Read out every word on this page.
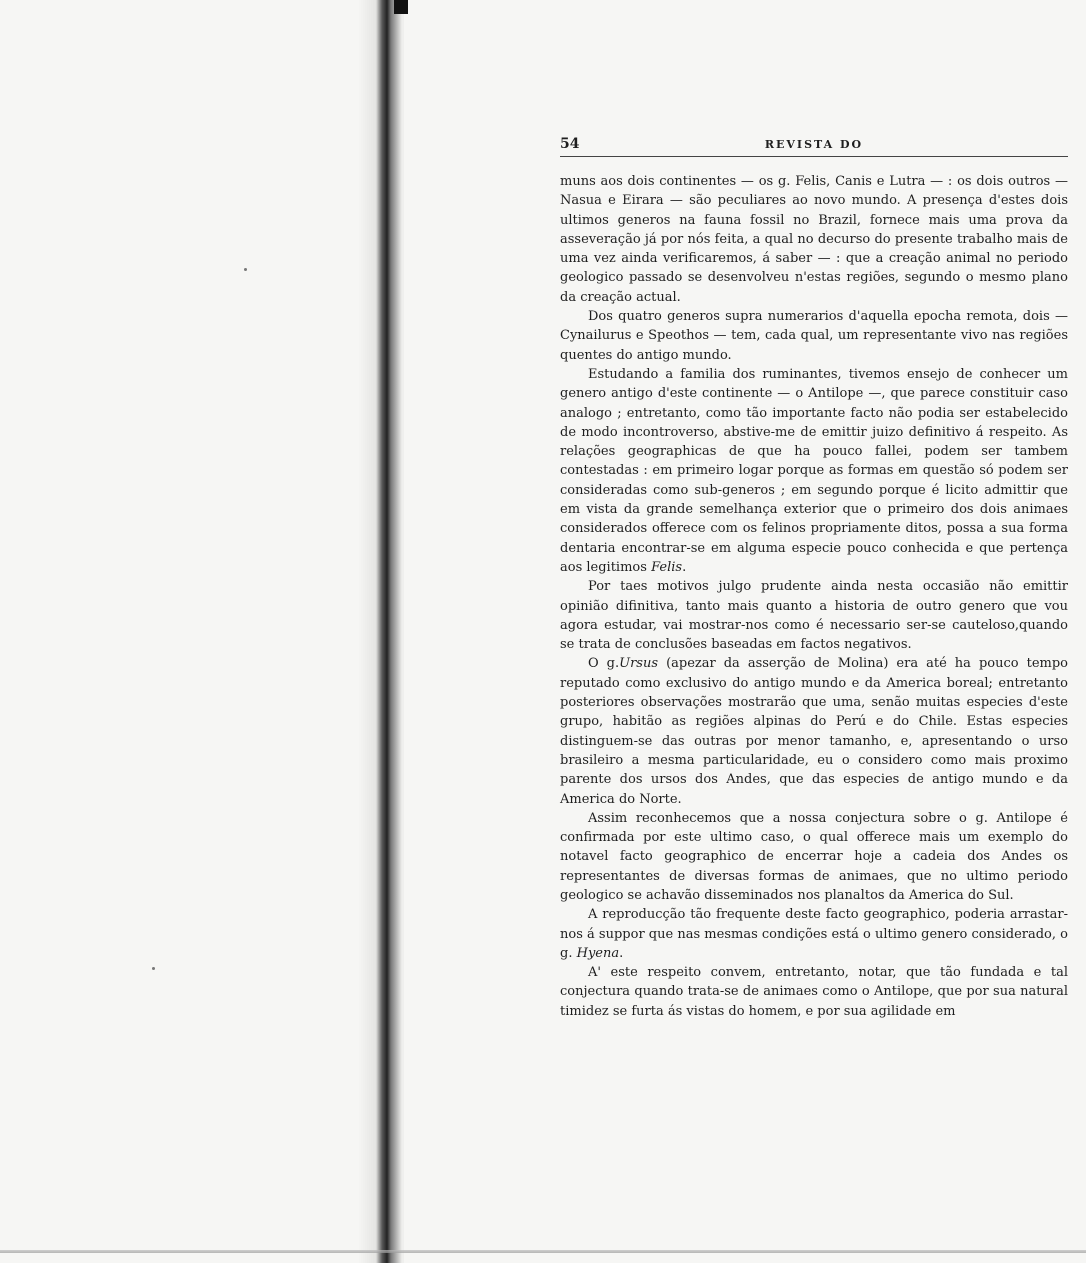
54	REVISTA DO

muns aos dois continentes — os g. Felis, Canis e Lutra — : os dois outros — Nasua e Eirara — são peculiares ao novo mundo. A presença d'estes dois ultimos generos na fauna fossil no Brazil, fornece mais uma prova da asseveração já por nós feita, a qual no decurso do presente trabalho mais de uma vez ainda verificaremos, á saber — : que a creação animal no periodo geologico passado se desenvolveu n'estas regiões, segundo o mesmo plano da creação actual.

Dos quatro generos supra numerarios d'aquella epocha remota, dois — Cynailurus e Speothos — tem, cada qual, um representante vivo nas regiões quentes do antigo mundo.

Estudando a familia dos ruminantes, tivemos ensejo de conhecer um genero antigo d'este continente — o Antilope —, que parece constituir caso analogo ; entretanto, como tão importante facto não podia ser estabelecido de modo incontroverso, abstive-me de emittir juizo definitivo á respeito. As relações geographicas de que ha pouco fallei, podem ser tambem contestadas : em primeiro logar porque as formas em questão só podem ser consideradas como sub-generos ; em segundo porque é licito admittir que em vista da grande semelhança exterior que o primeiro dos dois animaes considerados offerece com os felinos propriamente ditos, possa a sua forma dentaria encontrar-se em alguma especie pouco conhecida e que pertença aos legitimos Felis.

Por taes motivos julgo prudente ainda nesta occasião não emittir opinião difinitiva, tanto mais quanto a historia de outro genero que vou agora estudar, vai mostrar-nos como é necessario ser-se cauteloso,quando se trata de conclusões baseadas em factos negativos.

O g.Ursus (apezar da asserção de Molina) era até ha pouco tempo reputado como exclusivo do antigo mundo e da America boreal; entretanto posteriores observações mostrarão que uma, senão muitas especies d'este grupo, habitão as regiões alpinas do Perú e do Chile. Estas especies distinguem-se das outras por menor tamanho, e, apresentando o urso brasileiro a mesma particularidade, eu o considero como mais proximo parente dos ursos dos Andes, que das especies de antigo mundo e da America do Norte.

Assim reconhecemos que a nossa conjectura sobre o g. Antilope é confirmada por este ultimo caso, o qual offerece mais um exemplo do notavel facto geographico de encerrar hoje a cadeia dos Andes os representantes de diversas formas de animaes, que no ultimo periodo geologico se achavão disseminados nos planaltos da America do Sul.

A reproducção tão frequente deste facto geographico, poderia arrastar-nos á suppor que nas mesmas condições está o ultimo genero considerado, o g. Hyena.

A' este respeito convem, entretanto, notar, que tão fundada e tal conjectura quando trata-se de animaes como o Antilope, que por sua natural timidez se furta ás vistas do homem, e por sua agilidade em
